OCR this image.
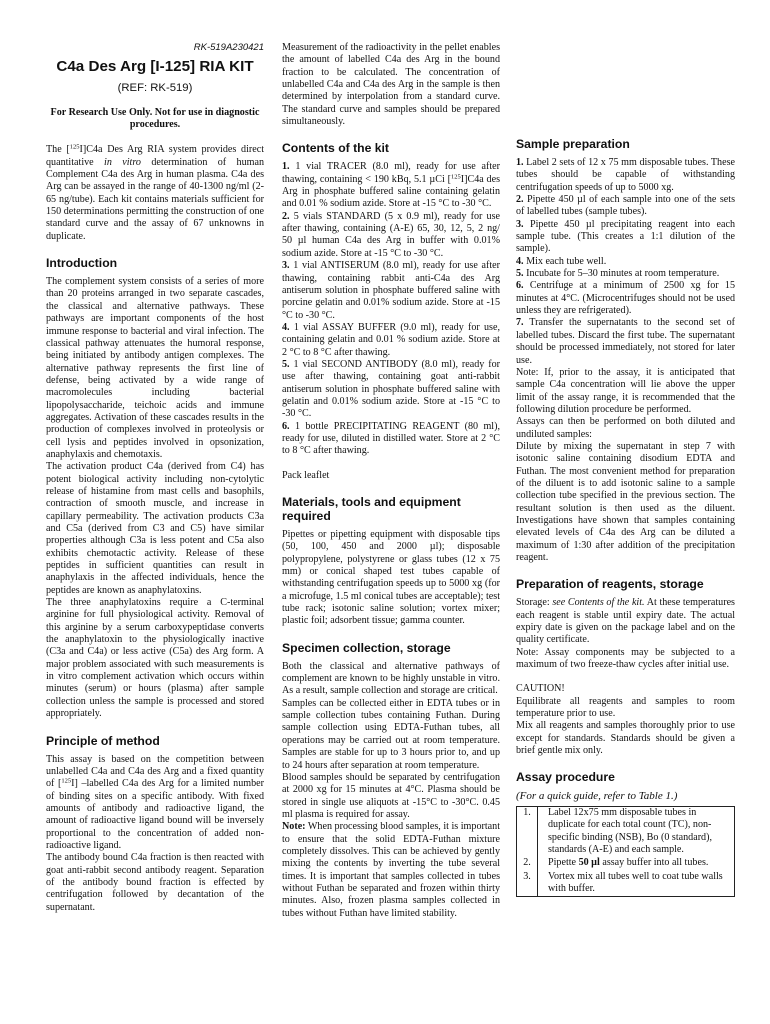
RK-519A230421
C4a Des Arg [I-125] RIA KIT
(REF: RK-519)
For Research Use Only. Not for use in diagnostic procedures.

The [$^{125}$I]C4a Des Arg RIA system provides direct quantitative in vitro determination of human Complement C4a des Arg in human plasma. C4a des Arg can be assayed in the range of 40-1300 ng/ml (2-65 ng/tube). Each kit contains materials sufficient for 150 determinations permitting the construction of one standard curve and the assay of 67 unknowns in duplicate.

Introduction

The complement system consists of a series of more than 20 proteins arranged in two separate cascades, the classical and alternative pathways. These pathways are important components of the host immune response to bacterial and viral infection. The classical pathway attenuates the humoral response, being initiated by antibody antigen complexes. The alternative pathway represents the first line of defense, being activated by a wide range of macromolecules including bacterial lipopolysaccharide, teichoic acids and immune aggregates. Activation of these cascades results in the production of complexes involved in proteolysis or cell lysis and peptides involved in opsonization, anaphylaxis and chemotaxis.

The activation product C4a (derived from C4) has potent biological activity including non-cytolytic release of histamine from mast cells and basophils, contraction of smooth muscle, and increase in capillary permeability. The activation products C3a and C5a (derived from C3 and C5) have similar properties although C3a is less potent and C5a also exhibits chemotactic activity. Release of these peptides in sufficient quantities can result in anaphylaxis in the affected individuals, hence the peptides are known as anaphylatoxins.

The three anaphylatoxins require a C-terminal arginine for full physiological activity. Removal of this arginine by a serum carboxypeptidase converts the anaphylatoxin to the physiologically inactive (C3a and C4a) or less active (C5a) des Arg form. A major problem associated with such measurements is in vitro complement activation which occurs within minutes (serum) or hours (plasma) after sample collection unless the sample is processed and stored appropriately.

Principle of method

This assay is based on the competition between unlabelled C4a and C4a des Arg and a fixed quantity of [$^{125}$I] –labelled C4a des Arg for a limited number of binding sites on a specific antibody. With fixed amounts of antibody and radioactive ligand, the amount of radioactive ligand bound will be inversely proportional to the concentration of added non-radioactive ligand.

The antibody bound C4a fraction is then reacted with goat anti-rabbit second antibody reagent. Separation of the antibody bound fraction is effected by centrifugation followed by decantation of the supernatant.

Measurement of the radioactivity in the pellet enables the amount of labelled C4a des Arg in the bound fraction to be calculated. The concentration of unlabelled C4a and C4a des Arg in the sample is then determined by interpolation from a standard curve. The standard curve and samples should be prepared simultaneously.

Contents of the kit

1. 1 vial TRACER (8.0 ml), ready for use after thawing, containing < 190 kBq, 5.1 µCi [$^{125}$I]C4a des Arg in phosphate buffered saline containing gelatin and 0.01 % sodium azide. Store at -15 °C to -30 °C.

2. 5 vials STANDARD (5 x 0.9 ml), ready for use after thawing, containing (A-E) 65, 30, 12, 5, 2 ng/ 50 µl human C4a des Arg in buffer with 0.01% sodium azide. Store at -15 °C to -30 °C.

3. 1 vial ANTISERUM (8.0 ml), ready for use after thawing, containing rabbit anti-C4a des Arg antiserum solution in phosphate buffered saline with porcine gelatin and 0.01% sodium azide. Store at -15 °C to -30 °C.

4. 1 vial ASSAY BUFFER (9.0 ml), ready for use, containing gelatin and 0.01 % sodium azide. Store at 2 °C to 8 °C after thawing.

5. 1 vial SECOND ANTIBODY (8.0 ml), ready for use after thawing, containing goat anti-rabbit antiserum solution in phosphate buffered saline with gelatin and 0.01% sodium azide. Store at -15 °C to -30 °C.

6. 1 bottle PRECIPITATING REAGENT (80 ml), ready for use, diluted in distilled water. Store at 2 °C to 8 °C after thawing.

Pack leaflet

Materials, tools and equipment required

Pipettes or pipetting equipment with disposable tips (50, 100, 450 and 2000 µl); disposable polypropylene, polystyrene or glass tubes (12 x 75 mm) or conical shaped test tubes capable of withstanding centrifugation speeds up to 5000 xg (for a microfuge, 1.5 ml conical tubes are acceptable); test tube rack; isotonic saline solution; vortex mixer; plastic foil; adsorbent tissue; gamma counter.

Specimen collection, storage

Both the classical and alternative pathways of complement are known to be highly unstable in vitro. As a result, sample collection and storage are critical.

Samples can be collected either in EDTA tubes or in sample collection tubes containing Futhan. During sample collection using EDTA-Futhan tubes, all operations may be carried out at room temperature. Samples are stable for up to 3 hours prior to, and up to 24 hours after separation at room temperature.

Blood samples should be separated by centrifugation at 2000 xg for 15 minutes at 4°C. Plasma should be stored in single use aliquots at -15°C to -30°C. 0.45 ml plasma is required for assay.

Note: When processing blood samples, it is important to ensure that the solid EDTA-Futhan mixture completely dissolves. This can be achieved by gently mixing the contents by inverting the tube several times. It is important that samples collected in tubes without Futhan be separated and frozen within thirty minutes. Also, frozen plasma samples collected in tubes without Futhan have limited stability.

Sample preparation

1. Label 2 sets of 12 x 75 mm disposable tubes. These tubes should be capable of withstanding centrifugation speeds of up to 5000 xg.

2. Pipette 450 µl of each sample into one of the sets of labelled tubes (sample tubes).

3. Pipette 450 µl precipitating reagent into each sample tube. (This creates a 1:1 dilution of the sample).

4. Mix each tube well.

5. Incubate for 5–30 minutes at room temperature.

6. Centrifuge at a minimum of 2500 xg for 15 minutes at 4°C. (Microcentrifuges should not be used unless they are refrigerated).

7. Transfer the supernatants to the second set of labelled tubes. Discard the first tube. The supernatant should be processed immediately, not stored for later use.

Note: If, prior to the assay, it is anticipated that sample C4a concentration will lie above the upper limit of the assay range, it is recommended that the following dilution procedure be performed.

Assays can then be performed on both diluted and undiluted samples:

Dilute by mixing the supernatant in step 7 with isotonic saline containing disodium EDTA and Futhan. The most convenient method for preparation of the diluent is to add isotonic saline to a sample collection tube specified in the previous section. The resultant solution is then used as the diluent. Investigations have shown that samples containing elevated levels of C4a des Arg can be diluted a maximum of 1:30 after addition of the precipitation reagent.

Preparation of reagents, storage

Storage: see Contents of the kit. At these temperatures each reagent is stable until expiry date. The actual expiry date is given on the package label and on the quality certificate.

Note: Assay components may be subjected to a maximum of two freeze-thaw cycles after initial use.

CAUTION!

Equilibrate all reagents and samples to room temperature prior to use.

Mix all reagents and samples thoroughly prior to use except for standards. Standards should be given a brief gentle mix only.

Assay procedure
(For a quick guide, refer to Table 1.)
1.	Label 12x75 mm disposable tubes in duplicate for each total count (TC), non-specific binding (NSB), Bo (0 standard), standards (A-E) and each sample.
2.	Pipette 50 µl assay buffer into all tubes.
3.	Vortex mix all tubes well to coat tube walls with buffer.
